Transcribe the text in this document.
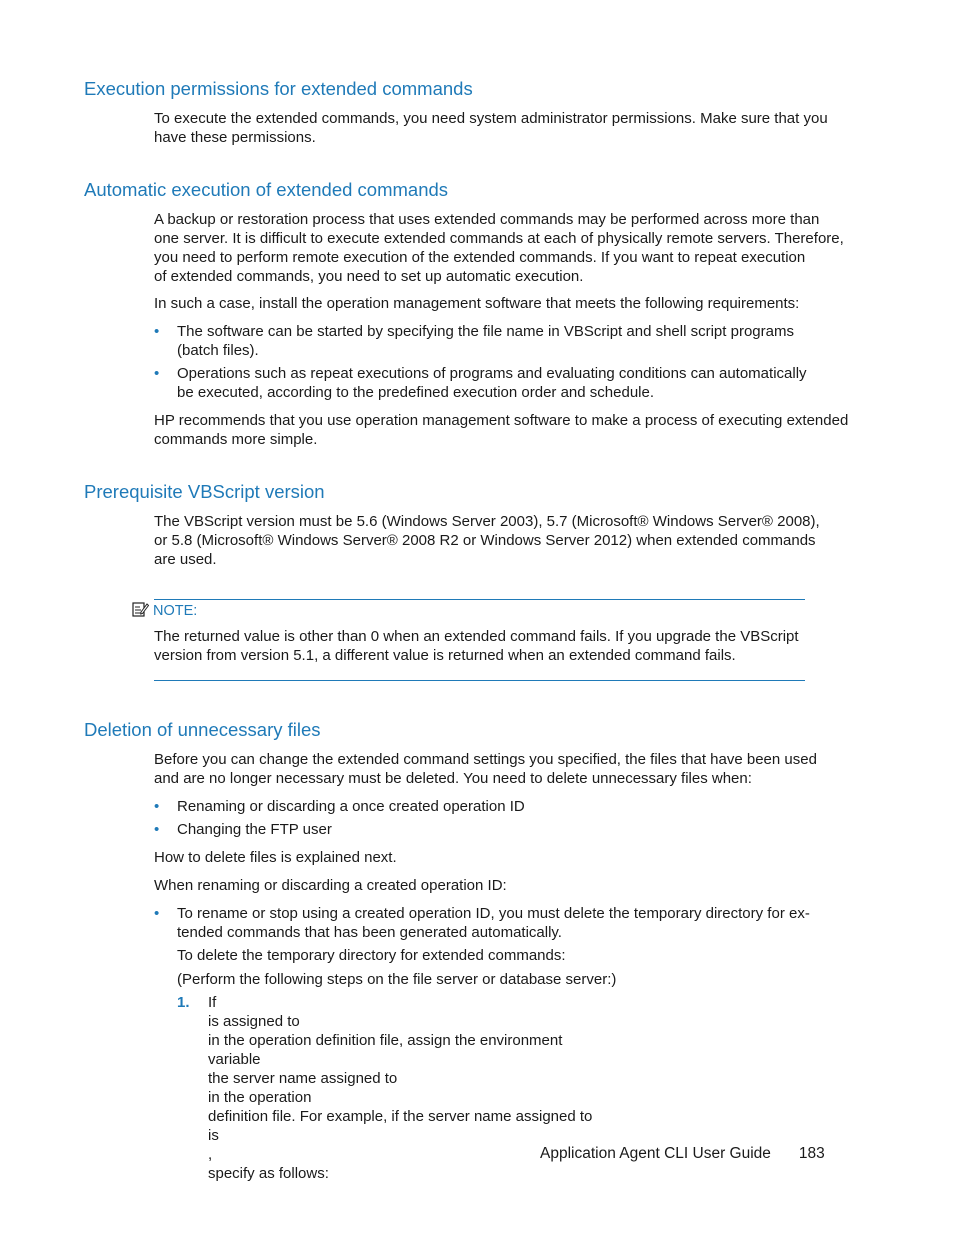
Execution permissions for extended commands
To execute the extended commands, you need system administrator permissions. Make sure that you
have these permissions.
Automatic execution of extended commands
A backup or restoration process that uses extended commands may be performed across more than
one server. It is difficult to execute extended commands at each of physically remote servers. Therefore,
you need to perform remote execution of the extended commands. If you want to repeat execution
of extended commands, you need to set up automatic execution.
In such a case, install the operation management software that meets the following requirements:
• The software can be started by specifying the file name in VBScript and shell script programs
(batch files).
• Operations such as repeat executions of programs and evaluating conditions can automatically
be executed, according to the predefined execution order and schedule.
HP recommends that you use operation management software to make a process of executing extended
commands more simple.
Prerequisite VBScript version
The VBScript version must be 5.6 (Windows Server 2003), 5.7 (Microsoft® Windows Server® 2008),
or 5.8 (Microsoft® Windows Server® 2008 R2 or Windows Server 2012) when extended commands
are used.
NOTE:
The returned value is other than 0 when an extended command fails. If you upgrade the VBScript
version from version 5.1, a different value is returned when an extended command fails.
Deletion of unnecessary files
Before you can change the extended command settings you specified, the files that have been used
and are no longer necessary must be deleted. You need to delete unnecessary files when:
• Renaming or discarding a once created operation ID
• Changing the FTP user
How to delete files is explained next.
When renaming or discarding a created operation ID:
• To rename or stop using a created operation ID, you must delete the temporary directory for ex-
tended commands that has been generated automatically.
To delete the temporary directory for extended commands:
(Perform the following steps on the file server or database server:)
1. If
is assigned to
in the operation definition file, assign the environment
variable
the server name assigned to
in the operation
definition file. For example, if the server name assigned to
is
,
specify as follows:
Application Agent CLI User Guide 183
